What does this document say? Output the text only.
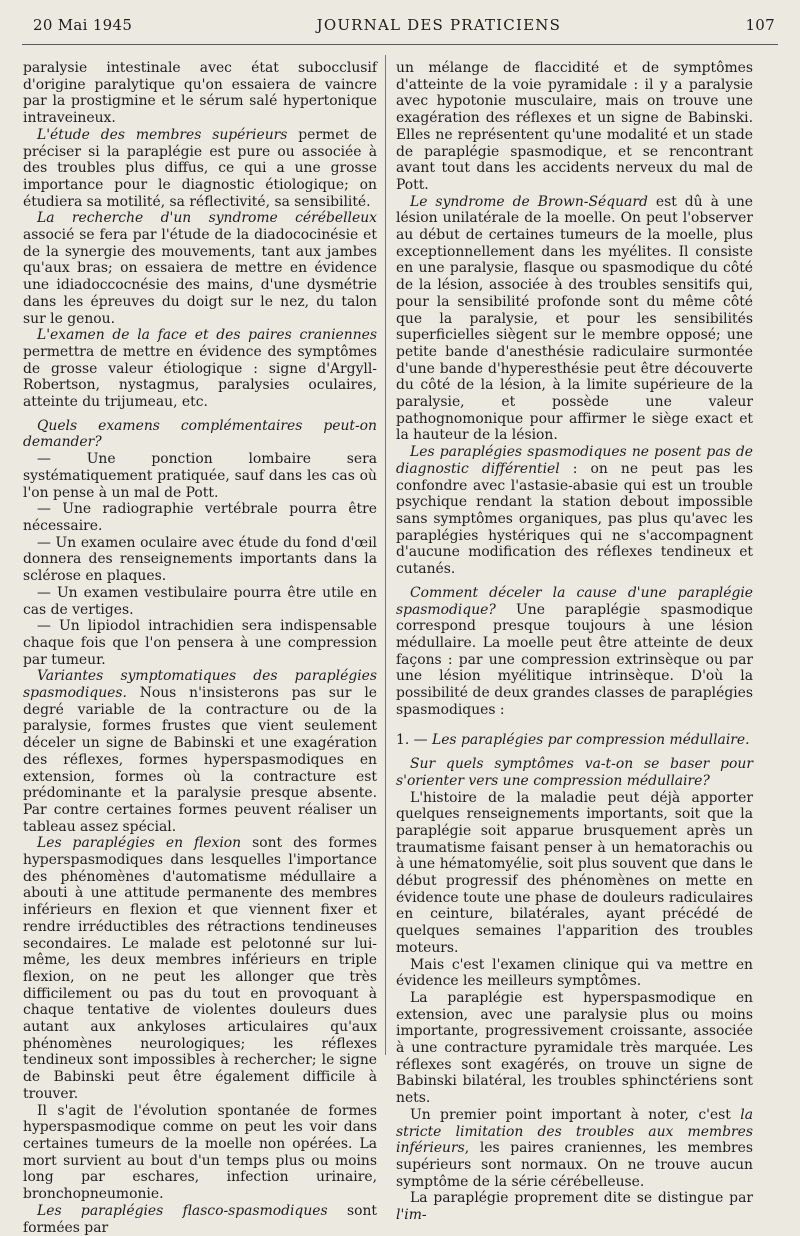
20 Mai 1945	JOURNAL DES PRATICIENS	107

paralysie intestinale avec état subocclusif d'origine paralytique qu'on essaiera de vaincre par la prostigmine et le sérum salé hypertonique intraveineux.

L'étude des membres supérieurs permet de préciser si la paraplégie est pure ou associée à des troubles plus diffus, ce qui a une grosse importance pour le diagnostic étiologique; on étudiera sa motilité, sa réflectivité, sa sensibilité.

La recherche d'un syndrome cérébelleux associé se fera par l'étude de la diadococinésie et de la synergie des mouvements, tant aux jambes qu'aux bras; on essaiera de mettre en évidence une idiadoccocnésie des mains, d'une dysmétrie dans les épreuves du doigt sur le nez, du talon sur le genou.

L'examen de la face et des paires craniennes permettra de mettre en évidence des symptômes de grosse valeur étiologique : signe d'Argyll-Robertson, nystagmus, paralysies oculaires, atteinte du trijumeau, etc.

Quels examens complémentaires peut-on demander?

— Une ponction lombaire sera systématiquement pratiquée, sauf dans les cas où l'on pense à un mal de Pott.

— Une radiographie vertébrale pourra être nécessaire.

— Un examen oculaire avec étude du fond d'œil donnera des renseignements importants dans la sclérose en plaques.

— Un examen vestibulaire pourra être utile en cas de vertiges.

— Un lipiodol intrachidien sera indispensable chaque fois que l'on pensera à une compression par tumeur.

Variantes symptomatiques des paraplégies spasmodiques. Nous n'insisterons pas sur le degré variable de la contracture ou de la paralysie, formes frustes que vient seulement déceler un signe de Babinski et une exagération des réflexes, formes hyperspasmodiques en extension, formes où la contracture est prédominante et la paralysie presque absente. Par contre certaines formes peuvent réaliser un tableau assez spécial.

Les paraplégies en flexion sont des formes hyperspasmodiques dans lesquelles l'importance des phénomènes d'automatisme médullaire a abouti à une attitude permanente des membres inférieurs en flexion et que viennent fixer et rendre irréductibles des rétractions tendineuses secondaires. Le malade est pelotonné sur lui-même, les deux membres inférieurs en triple flexion, on ne peut les allonger que très difficilement ou pas du tout en provoquant à chaque tentative de violentes douleurs dues autant aux ankyloses articulaires qu'aux phénomènes neurologiques; les réflexes tendineux sont impossibles à rechercher; le signe de Babinski peut être également difficile à trouver.

Il s'agit de l'évolution spontanée de formes hyperspasmodique comme on peut les voir dans certaines tumeurs de la moelle non opérées. La mort survient au bout d'un temps plus ou moins long par eschares, infection urinaire, bronchopneumonie.

Les paraplégies flasco-spasmodiques sont formées par

un mélange de flaccidité et de symptômes d'atteinte de la voie pyramidale : il y a paralysie avec hypotonie musculaire, mais on trouve une exagération des réflexes et un signe de Babinski. Elles ne représentent qu'une modalité et un stade de paraplégie spasmodique, et se rencontrant avant tout dans les accidents nerveux du mal de Pott.

Le syndrome de Brown-Séquard est dû à une lésion unilatérale de la moelle. On peut l'observer au début de certaines tumeurs de la moelle, plus exceptionnellement dans les myélites. Il consiste en une paralysie, flasque ou spasmodique du côté de la lésion, associée à des troubles sensitifs qui, pour la sensibilité profonde sont du même côté que la paralysie, et pour les sensibilités superficielles siègent sur le membre opposé; une petite bande d'anesthésie radiculaire surmontée d'une bande d'hyperesthésie peut être découverte du côté de la lésion, à la limite supérieure de la paralysie, et possède une valeur pathognomonique pour affirmer le siège exact et la hauteur de la lésion.

Les paraplégies spasmodiques ne posent pas de diagnostic différentiel : on ne peut pas les confondre avec l'astasie-abasie qui est un trouble psychique rendant la station debout impossible sans symptômes organiques, pas plus qu'avec les paraplégies hystériques qui ne s'accompagnent d'aucune modification des réflexes tendineux et cutanés.

Comment déceler la cause d'une paraplégie spasmodique? Une paraplégie spasmodique correspond presque toujours à une lésion médullaire. La moelle peut être atteinte de deux façons : par une compression extrinsèque ou par une lésion myélitique intrinsèque. D'où la possibilité de deux grandes classes de paraplégies spasmodiques :

1. — Les paraplégies par compression médullaire.

Sur quels symptômes va-t-on se baser pour s'orienter vers une compression médullaire?

L'histoire de la maladie peut déjà apporter quelques renseignements importants, soit que la paraplégie soit apparue brusquement après un traumatisme faisant penser à un hematorachis ou à une hématomyélie, soit plus souvent que dans le début progressif des phénomènes on mette en évidence toute une phase de douleurs radiculaires en ceinture, bilatérales, ayant précédé de quelques semaines l'apparition des troubles moteurs.

Mais c'est l'examen clinique qui va mettre en évidence les meilleurs symptômes.

La paraplégie est hyperspasmodique en extension, avec une paralysie plus ou moins importante, progressivement croissante, associée à une contracture pyramidale très marquée. Les réflexes sont exagérés, on trouve un signe de Babinski bilatéral, les troubles sphinctériens sont nets.

Un premier point important à noter, c'est la stricte limitation des troubles aux membres inférieurs, les paires craniennes, les membres supérieurs sont normaux. On ne trouve aucun symptôme de la série cérébelleuse.

La paraplégie proprement dite se distingue par l'im-
